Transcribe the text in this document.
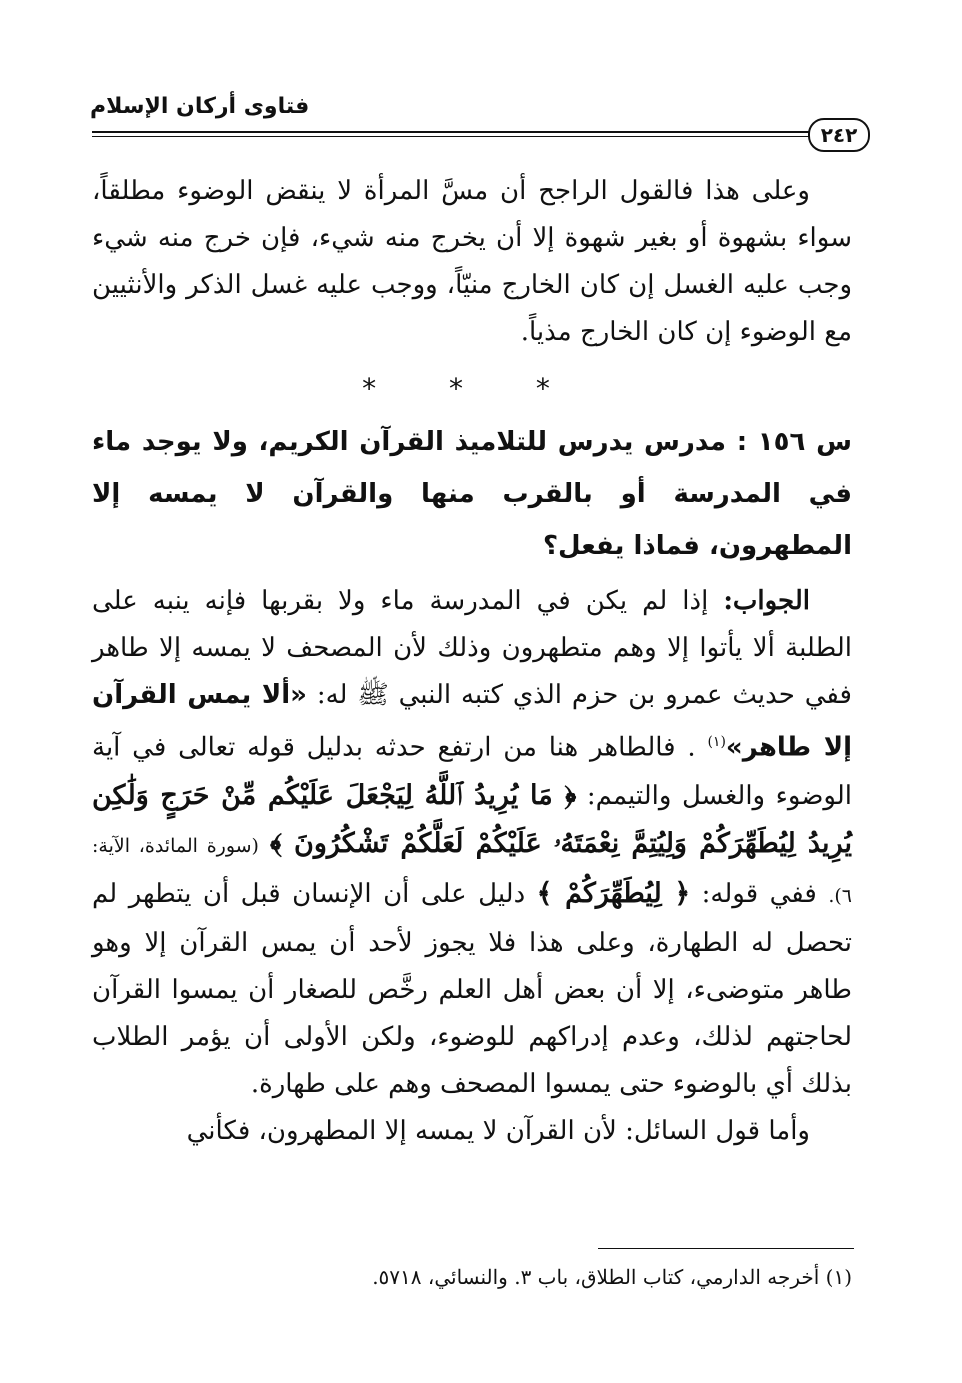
فتاوى أركان الإسلام
٢٤٢

وعلى هذا فالقول الراجح أن مسَّ المرأة لا ينقض الوضوء مطلقاً، سواء بشهوة أو بغير شهوة إلا أن يخرج منه شيء، فإن خرج منه شيء وجب عليه الغسل إن كان الخارج منيّاً، ووجب عليه غسل الذكر والأنثيين مع الوضوء إن كان الخارج مذياً.

* * *

س ١٥٦ : مدرس يدرس للتلاميذ القرآن الكريم، ولا يوجد ماء في المدرسة أو بالقرب منها والقرآن لا يمسه إلا المطهرون، فماذا يفعل؟

الجواب: إذا لم يكن في المدرسة ماء ولا بقربها فإنه ينبه على الطلبة ألا يأتوا إلا وهم متطهرون وذلك لأن المصحف لا يمسه إلا طاهر ففي حديث عمرو بن حزم الذي كتبه النبي ﷺ له: «ألا يمس القرآن إلا طاهر»$^{(١)}$ . فالطاهر هنا من ارتفع حدثه بدليل قوله تعالى في آية الوضوء والغسل والتيمم: ﴿ مَا يُرِيدُ ٱللَّهُ لِيَجْعَلَ عَلَيْكُم مِّنْ حَرَجٍ وَلَٰكِن يُرِيدُ لِيُطَهِّرَكُمْ وَلِيُتِمَّ نِعْمَتَهُۥ عَلَيْكُمْ لَعَلَّكُمْ تَشْكُرُونَ ﴾ (سورة المائدة، الآية: ٦). ففي قوله: ﴿ لِيُطَهِّرَكُمْ ﴾ دليل على أن الإنسان قبل أن يتطهر لم تحصل له الطهارة، وعلى هذا فلا يجوز لأحد أن يمس القرآن إلا وهو طاهر متوضىء، إلا أن بعض أهل العلم رخَّص للصغار أن يمسوا القرآن لحاجتهم لذلك، وعدم إدراكهم للوضوء، ولكن الأولى أن يؤمر الطلاب بذلك أي بالوضوء حتى يمسوا المصحف وهم على طهارة.

وأما قول السائل: لأن القرآن لا يمسه إلا المطهرون، فكأني

(١) أخرجه الدارمي، كتاب الطلاق، باب ٣. والنسائي، ٥٧١٨.
